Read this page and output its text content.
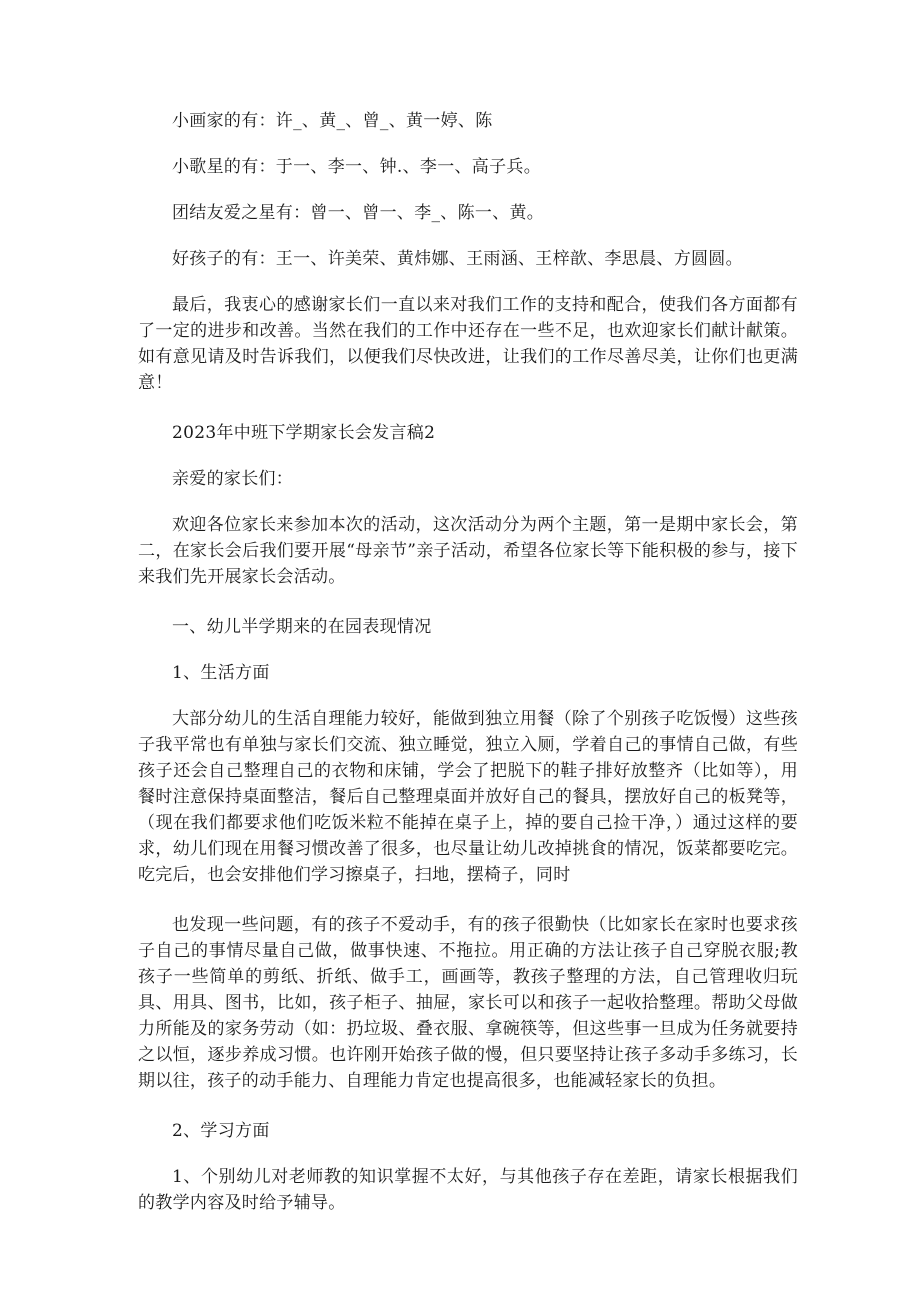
小画家的有：许_、黄_、曾_、黄一婷、陈

小歌星的有：于一、李一、钟.、李一、高子兵。

团结友爱之星有：曾一、曾一、李_、陈一、黄。

好孩子的有：王一、许美荣、黄炜娜、王雨涵、王梓歆、李思晨、方圆圆。

最后，我衷心的感谢家长们一直以来对我们工作的支持和配合，使我们各方面都有了一定的进步和改善。当然在我们的工作中还存在一些不足，也欢迎家长们献计献策。如有意见请及时告诉我们，以便我们尽快改进，让我们的工作尽善尽美，让你们也更满意！

2023年中班下学期家长会发言稿2

亲爱的家长们：

欢迎各位家长来参加本次的活动，这次活动分为两个主题，第一是期中家长会，第二，在家长会后我们要开展“母亲节”亲子活动，希望各位家长等下能积极的参与，接下来我们先开展家长会活动。

一、幼儿半学期来的在园表现情况

1、生活方面

大部分幼儿的生活自理能力较好，能做到独立用餐（除了个别孩子吃饭慢）这些孩子我平常也有单独与家长们交流、独立睡觉，独立入厕，学着自己的事情自己做，有些孩子还会自己整理自己的衣物和床铺，学会了把脱下的鞋子排好放整齐（比如等），用餐时注意保持桌面整洁，餐后自己整理桌面并放好自己的餐具，摆放好自己的板凳等，（现在我们都要求他们吃饭米粒不能掉在桌子上，掉的要自己捡干净，）通过这样的要求，幼儿们现在用餐习惯改善了很多，也尽量让幼儿改掉挑食的情况，饭菜都要吃完。吃完后，也会安排他们学习擦桌子，扫地，摆椅子，同时

也发现一些问题，有的孩子不爱动手，有的孩子很勤快（比如家长在家时也要求孩子自己的事情尽量自己做，做事快速、不拖拉。用正确的方法让孩子自己穿脱衣服;教孩子一些简单的剪纸、折纸、做手工，画画等，教孩子整理的方法，自己管理收归玩具、用具、图书，比如，孩子柜子、抽屉，家长可以和孩子一起收拾整理。帮助父母做力所能及的家务劳动（如：扔垃圾、叠衣服、拿碗筷等，但这些事一旦成为任务就要持之以恒，逐步养成习惯。也许刚开始孩子做的慢，但只要坚持让孩子多动手多练习，长期以往，孩子的动手能力、自理能力肯定也提高很多，也能减轻家长的负担。

2、学习方面

1、个别幼儿对老师教的知识掌握不太好，与其他孩子存在差距，请家长根据我们的教学内容及时给予辅导。
